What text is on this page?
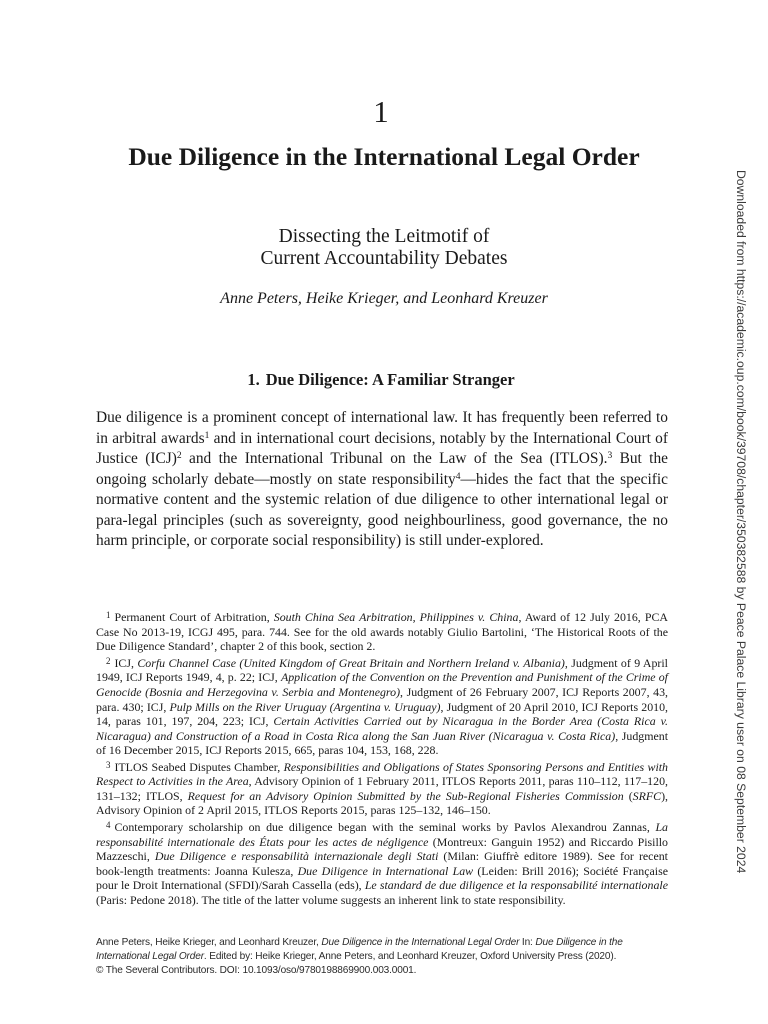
1
Due Diligence in the International Legal Order
Dissecting the Leitmotif of
Current Accountability Debates
Anne Peters, Heike Krieger, and Leonhard Kreuzer
1. Due Diligence: A Familiar Stranger

Due diligence is a prominent concept of international law. It has frequently been referred to in arbitral awards$^1$ and in international court decisions, notably by the International Court of Justice (ICJ)$^2$ and the International Tribunal on the Law of the Sea (ITLOS).$^3$ But the ongoing scholarly debate—mostly on state responsibility$^4$—hides the fact that the specific normative content and the systemic relation of due diligence to other international legal or para-legal principles (such as sovereignty, good neighbourliness, good governance, the no harm principle, or corporate social responsibility) is still under-explored.

$^1$ Permanent Court of Arbitration, South China Sea Arbitration, Philippines v. China, Award of 12 July 2016, PCA Case No 2013-19, ICGJ 495, para. 744. See for the old awards notably Giulio Bartolini, ‘The Historical Roots of the Due Diligence Standard’, chapter 2 of this book, section 2.

$^2$ ICJ, Corfu Channel Case (United Kingdom of Great Britain and Northern Ireland v. Albania), Judgment of 9 April 1949, ICJ Reports 1949, 4, p. 22; ICJ, Application of the Convention on the Prevention and Punishment of the Crime of Genocide (Bosnia and Herzegovina v. Serbia and Montenegro), Judgment of 26 February 2007, ICJ Reports 2007, 43, para. 430; ICJ, Pulp Mills on the River Uruguay (Argentina v. Uruguay), Judgment of 20 April 2010, ICJ Reports 2010, 14, paras 101, 197, 204, 223; ICJ, Certain Activities Carried out by Nicaragua in the Border Area (Costa Rica v. Nicaragua) and Construction of a Road in Costa Rica along the San Juan River (Nicaragua v. Costa Rica), Judgment of 16 December 2015, ICJ Reports 2015, 665, paras 104, 153, 168, 228.

$^3$ ITLOS Seabed Disputes Chamber, Responsibilities and Obligations of States Sponsoring Persons and Entities with Respect to Activities in the Area, Advisory Opinion of 1 February 2011, ITLOS Reports 2011, paras 110–112, 117–120, 131–132; ITLOS, Request for an Advisory Opinion Submitted by the Sub-Regional Fisheries Commission (SRFC), Advisory Opinion of 2 April 2015, ITLOS Reports 2015, paras 125–132, 146–150.

$^4$ Contemporary scholarship on due diligence began with the seminal works by Pavlos Alexandrou Zannas, La responsabilité internationale des États pour les actes de négligence (Montreux: Ganguin 1952) and Riccardo Pisillo Mazzeschi, Due Diligence e responsabilità internazionale degli Stati (Milan: Giuffrè editore 1989). See for recent book-length treatments: Joanna Kulesza, Due Diligence in International Law (Leiden: Brill 2016); Société Française pour le Droit International (SFDI)/Sarah Cassella (eds), Le standard de due diligence et la responsabilité internationale (Paris: Pedone 2018). The title of the latter volume suggests an inherent link to state responsibility.

Anne Peters, Heike Krieger, and Leonhard Kreuzer, Due Diligence in the International Legal Order In: Due Diligence in the International Legal Order. Edited by: Heike Krieger, Anne Peters, and Leonhard Kreuzer, Oxford University Press (2020).

© The Several Contributors. DOI: 10.1093/oso/9780198869900.003.0001.

Downloaded from https://academic.oup.com/book/39708/chapter/350382588 by Peace Palace Library user on 08 September 2024
